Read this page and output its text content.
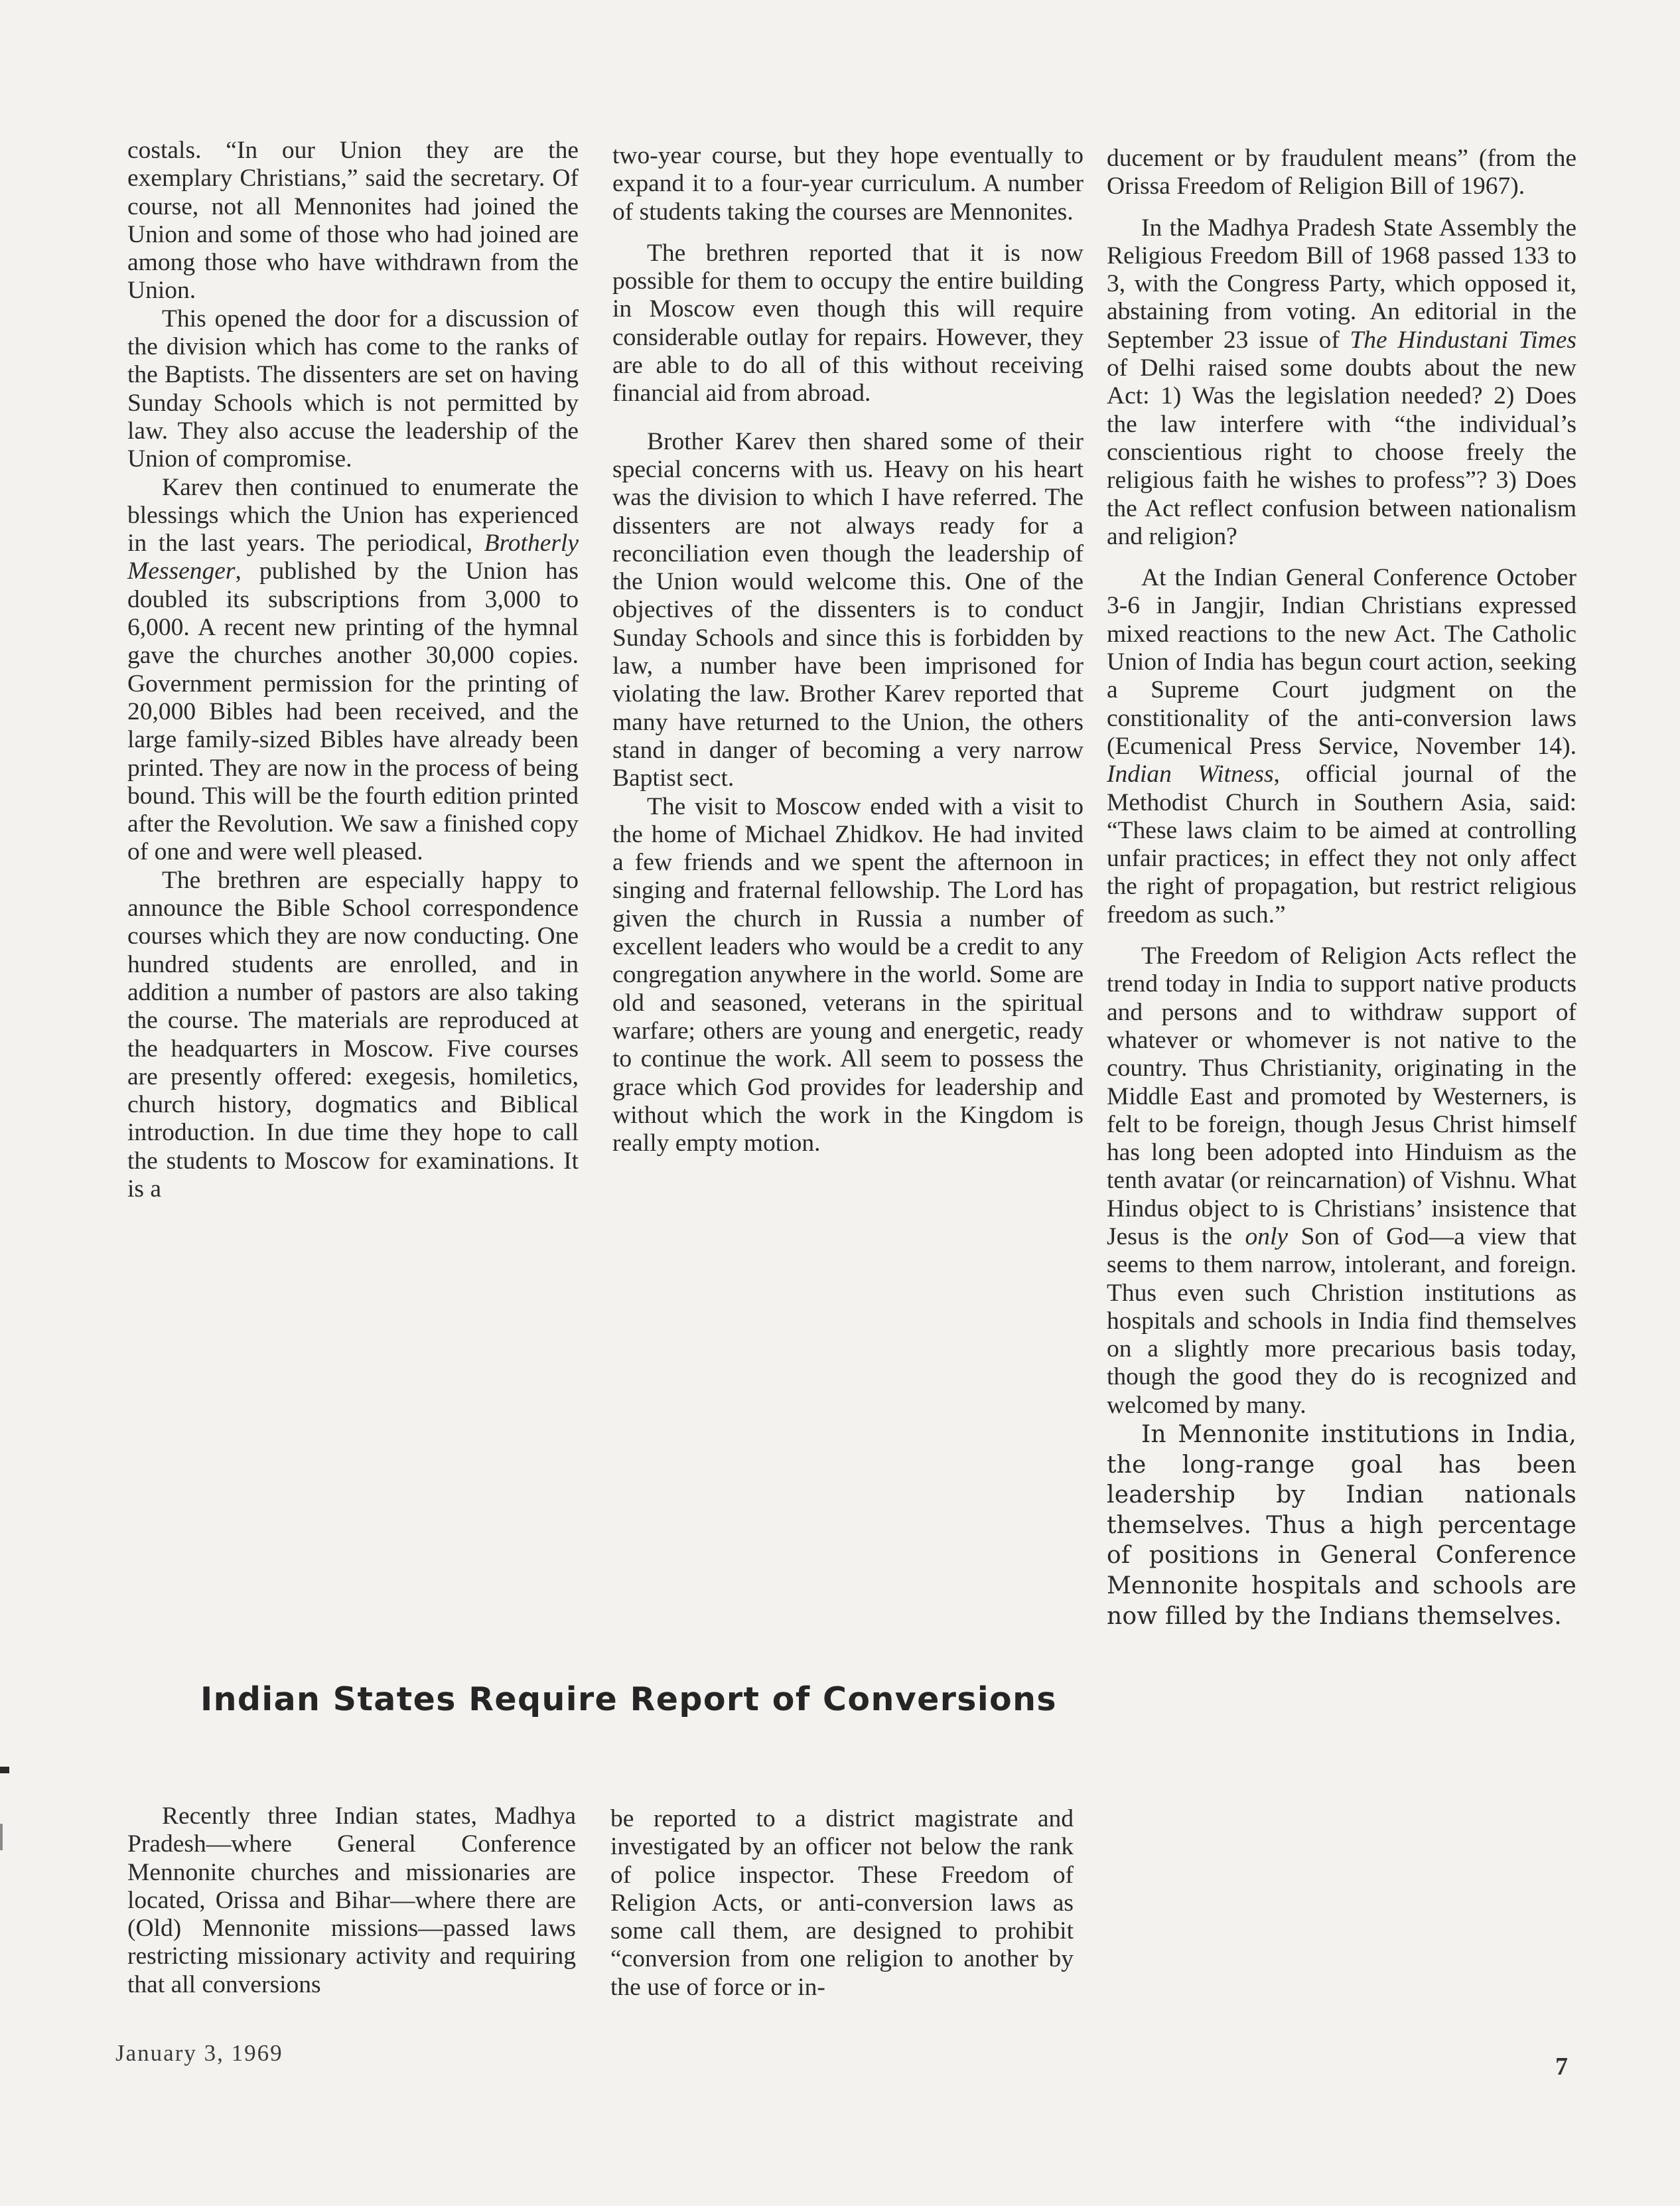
costals. “In our Union they are the exemplary Christians,” said the secretary. Of course, not all Mennonites had joined the Union and some of those who had joined are among those who have withdrawn from the Union.

This opened the door for a discussion of the division which has come to the ranks of the Baptists. The dissenters are set on having Sunday Schools which is not permitted by law. They also accuse the leadership of the Union of compromise.

Karev then continued to enumerate the blessings which the Union has experienced in the last years. The periodical, Brotherly Messenger, published by the Union has doubled its subscriptions from 3,000 to 6,000. A recent new printing of the hymnal gave the churches another 30,000 copies. Government permission for the printing of 20,000 Bibles had been received, and the large family-sized Bibles have already been printed. They are now in the process of being bound. This will be the fourth edition printed after the Revolution. We saw a finished copy of one and were well pleased.

The brethren are especially happy to announce the Bible School correspondence courses which they are now conducting. One hundred students are enrolled, and in addition a number of pastors are also taking the course. The materials are reproduced at the headquarters in Moscow. Five courses are presently offered: exegesis, homiletics, church history, dogmatics and Biblical introduction. In due time they hope to call the students to Moscow for examinations. It is a

two-year course, but they hope eventually to expand it to a four-year curriculum. A number of students taking the courses are Mennonites.

The brethren reported that it is now possible for them to occupy the entire building in Moscow even though this will require considerable outlay for repairs. However, they are able to do all of this without receiving financial aid from abroad.

Brother Karev then shared some of their special concerns with us. Heavy on his heart was the division to which I have referred. The dissenters are not always ready for a reconciliation even though the leadership of the Union would welcome this. One of the objectives of the dissenters is to conduct Sunday Schools and since this is forbidden by law, a number have been imprisoned for violating the law. Brother Karev reported that many have returned to the Union, the others stand in danger of becoming a very narrow Baptist sect.

The visit to Moscow ended with a visit to the home of Michael Zhidkov. He had invited a few friends and we spent the afternoon in singing and fraternal fellowship. The Lord has given the church in Russia a number of excellent leaders who would be a credit to any congregation anywhere in the world. Some are old and seasoned, veterans in the spiritual warfare; others are young and energetic, ready to continue the work. All seem to possess the grace which God provides for leadership and without which the work in the Kingdom is really empty motion.

ducement or by fraudulent means” (from the Orissa Freedom of Religion Bill of 1967).

In the Madhya Pradesh State Assembly the Religious Freedom Bill of 1968 passed 133 to 3, with the Congress Party, which opposed it, abstaining from voting. An editorial in the September 23 issue of The Hindustani Times of Delhi raised some doubts about the new Act: 1) Was the legislation needed? 2) Does the law interfere with “the individual’s conscientious right to choose freely the religious faith he wishes to profess”? 3) Does the Act reflect confusion between nationalism and religion?

At the Indian General Conference October 3-6 in Jangjir, Indian Christians expressed mixed reactions to the new Act. The Catholic Union of India has begun court action, seeking a Supreme Court judgment on the constitionality of the anti-conversion laws (Ecumenical Press Service, November 14). Indian Witness, official journal of the Methodist Church in Southern Asia, said: “These laws claim to be aimed at controlling unfair practices; in effect they not only affect the right of propagation, but restrict religious freedom as such.”

The Freedom of Religion Acts reflect the trend today in India to support native products and persons and to withdraw support of whatever or whomever is not native to the country. Thus Christianity, originating in the Middle East and promoted by Westerners, is felt to be foreign, though Jesus Christ himself has long been adopted into Hinduism as the tenth avatar (or reincarnation) of Vishnu. What Hindus object to is Christians’ insistence that Jesus is the only Son of God—a view that seems to them narrow, intolerant, and foreign. Thus even such Christion institutions as hospitals and schools in India find themselves on a slightly more precarious basis today, though the good they do is recognized and welcomed by many.

In Mennonite institutions in India, the long-range goal has been leadership by Indian nationals themselves. Thus a high percentage of positions in General Conference Mennonite hospitals and schools are now filled by the Indians themselves.

Indian States Require Report of Conversions

Recently three Indian states, Madhya Pradesh—where General Conference Mennonite churches and missionaries are located, Orissa and Bihar—where there are (Old) Mennonite missions—passed laws restricting missionary activity and requiring that all conversions

be reported to a district magistrate and investigated by an officer not below the rank of police inspector. These Freedom of Religion Acts, or anti-conversion laws as some call them, are designed to prohibit “conversion from one religion to another by the use of force or in-

January 3, 1969	7
